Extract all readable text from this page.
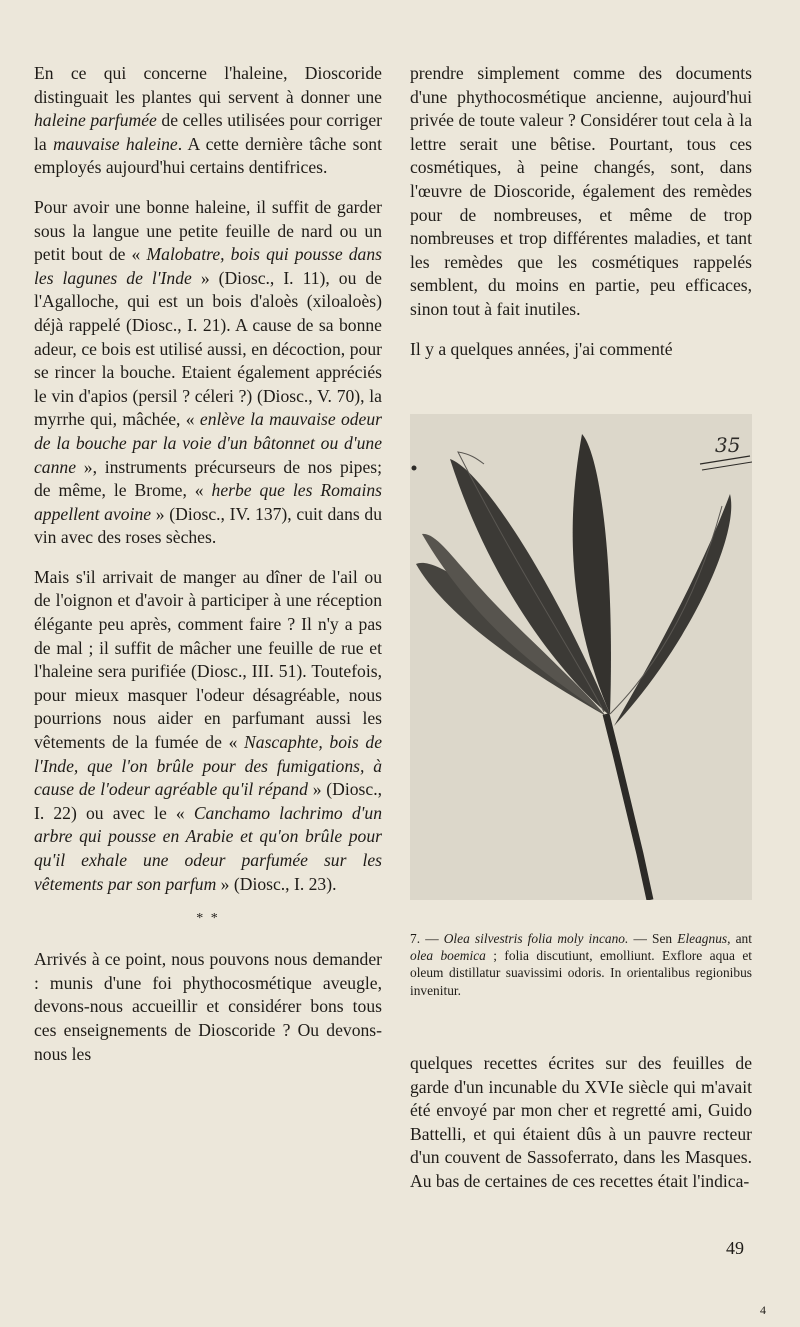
En ce qui concerne l'haleine, Dioscoride distinguait les plantes qui servent à donner une haleine parfumée de celles utilisées pour corriger la mauvaise haleine. A cette dernière tâche sont employés aujourd'hui certains dentifrices.

Pour avoir une bonne haleine, il suffit de garder sous la langue une petite feuille de nard ou un petit bout de « Malobatre, bois qui pousse dans les lagunes de l'Inde » (Diosc., I. 11), ou de l'Agalloche, qui est un bois d'aloès (xiloaloès) déjà rappelé (Diosc., I. 21). A cause de sa bonne adeur, ce bois est utilisé aussi, en décoction, pour se rincer la bouche. Etaient également appréciés le vin d'apios (persil ? céleri ?) (Diosc., V. 70), la myrrhe qui, mâchée, « enlève la mauvaise odeur de la bouche par la voie d'un bâtonnet ou d'une canne », instruments précurseurs de nos pipes; de même, le Brome, « herbe que les Romains appellent avoine » (Diosc., IV. 137), cuit dans du vin avec des roses sèches.

Mais s'il arrivait de manger au dîner de l'ail ou de l'oignon et d'avoir à participer à une réception élégante peu après, comment faire ? Il n'y a pas de mal ; il suffit de mâcher une feuille de rue et l'haleine sera purifiée (Diosc., III. 51). Toutefois, pour mieux masquer l'odeur désagréable, nous pourrions nous aider en parfumant aussi les vêtements de la fumée de « Nascaphte, bois de l'Inde, que l'on brûle pour des fumigations, à cause de l'odeur agréable qu'il répand » (Diosc., I. 22) ou avec le « Canchamo lachrimo d'un arbre qui pousse en Arabie et qu'on brûle pour qu'il exhale une odeur parfumée sur les vêtements par son parfum » (Diosc., I. 23).

* *

Arrivés à ce point, nous pouvons nous demander : munis d'une foi phythocosmétique aveugle, devons-nous accueillir et considérer bons tous ces enseignements de Dioscoride ? Ou devons-nous les

prendre simplement comme des documents d'une phythocosmétique ancienne, aujourd'hui privée de toute valeur ? Considérer tout cela à la lettre serait une bêtise. Pourtant, tous ces cosmétiques, à peine changés, sont, dans l'œuvre de Dioscoride, également des remèdes pour de nombreuses, et même de trop nombreuses et trop différentes maladies, et tant les remèdes que les cosmétiques rappelés semblent, du moins en partie, peu efficaces, sinon tout à fait inutiles.

Il y a quelques années, j'ai commenté

35
7. — Olea silvestris folia moly incano. — Sen Eleagnus, ant olea boemica ; folia discutiunt, emolliunt. Exflore aqua et oleum distillatur suavissimi odoris. In orientalibus regionibus invenitur.

quelques recettes écrites sur des feuilles de garde d'un incunable du XVIe siècle qui m'avait été envoyé par mon cher et regretté ami, Guido Battelli, et qui étaient dûs à un pauvre recteur d'un couvent de Sassoferrato, dans les Masques. Au bas de certaines de ces recettes était l'indica-

49
4
